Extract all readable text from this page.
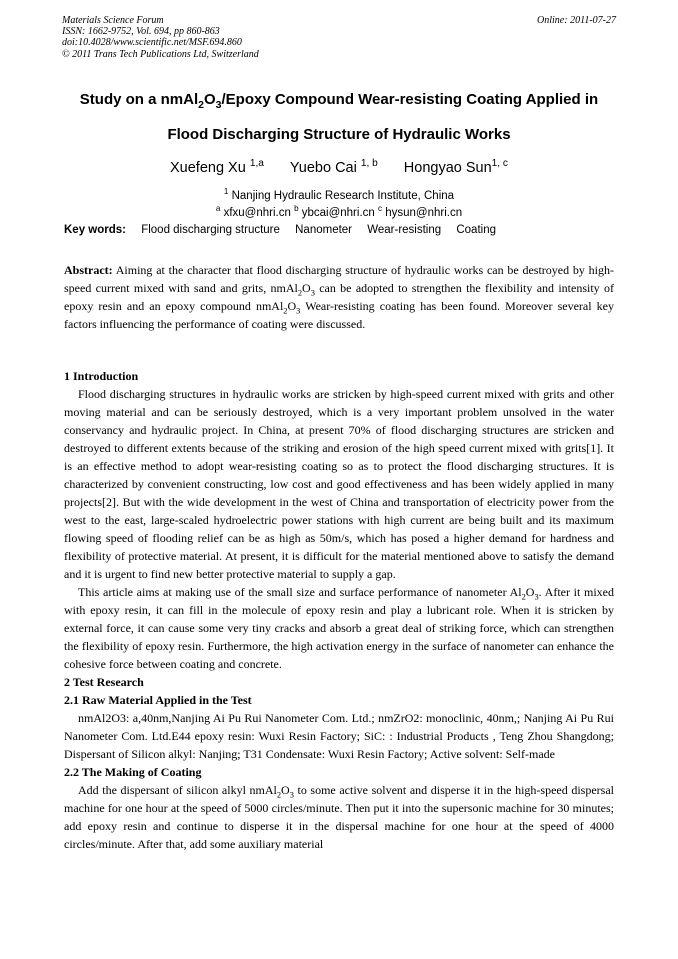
Materials Science Forum
ISSN: 1662-9752, Vol. 694, pp 860-863
doi:10.4028/www.scientific.net/MSF.694.860
© 2011 Trans Tech Publications Ltd, Switzerland
Online: 2011-07-27
Study on a $nmAl_2O_3$/Epoxy Compound Wear-resisting Coating Applied in
Flood Discharging Structure of Hydraulic Works
Xuefeng Xu $^{1,a}$ Yuebo Cai $^{1, b}$ Hongyao Sun$^{1, c}$
$^1$ Nanjing Hydraulic Research Institute, China
$^a$ xfxu@nhri.cn $^b$ ybcai@nhri.cn $^c$ hysun@nhri.cn
Key words: Flood discharging structure Nanometer Wear-resisting Coating

Abstract: Aiming at the character that flood discharging structure of hydraulic works can be destroyed by high-speed current mixed with sand and grits, $nmAl_2O_3$ can be adopted to strengthen the flexibility and intensity of epoxy resin and an epoxy compound $nmAl_2O_3$ Wear-resisting coating has been found. Moreover several key factors influencing the performance of coating were discussed.

1 Introduction

Flood discharging structures in hydraulic works are stricken by high-speed current mixed with grits and other moving material and can be seriously destroyed, which is a very important problem unsolved in the water conservancy and hydraulic project. In China, at present 70% of flood discharging structures are stricken and destroyed to different extents because of the striking and erosion of the high speed current mixed with grits[1]. It is an effective method to adopt wear-resisting coating so as to protect the flood discharging structures. It is characterized by convenient constructing, low cost and good effectiveness and has been widely applied in many projects[2]. But with the wide development in the west of China and transportation of electricity power from the west to the east, large-scaled hydroelectric power stations with high current are being built and its maximum flowing speed of flooding relief can be as high as 50m/s, which has posed a higher demand for hardness and flexibility of protective material. At present, it is difficult for the material mentioned above to satisfy the demand and it is urgent to find new better protective material to supply a gap.

This article aims at making use of the small size and surface performance of nanometer $Al_2O_3$. After it mixed with epoxy resin, it can fill in the molecule of epoxy resin and play a lubricant role. When it is stricken by external force, it can cause some very tiny cracks and absorb a great deal of striking force, which can strengthen the flexibility of epoxy resin. Furthermore, the high activation energy in the surface of nanometer can enhance the cohesive force between coating and concrete.

2 Test Research

2.1 Raw Material Applied in the Test

nmAl2O3: a,40nm,Nanjing Ai Pu Rui Nanometer Com. Ltd.; nmZrO2: monoclinic, 40nm,; Nanjing Ai Pu Rui Nanometer Com. Ltd.E44 epoxy resin: Wuxi Resin Factory; SiC: : Industrial Products , Teng Zhou Shangdong; Dispersant of Silicon alkyl: Nanjing; T31 Condensate: Wuxi Resin Factory; Active solvent: Self-made

2.2 The Making of Coating

Add the dispersant of silicon alkyl $nmAl_2O_3$ to some active solvent and disperse it in the high-speed dispersal machine for one hour at the speed of 5000 circles/minute. Then put it into the supersonic machine for 30 minutes; add epoxy resin and continue to disperse it in the dispersal machine for one hour at the speed of 4000 circles/minute. After that, add some auxiliary material
